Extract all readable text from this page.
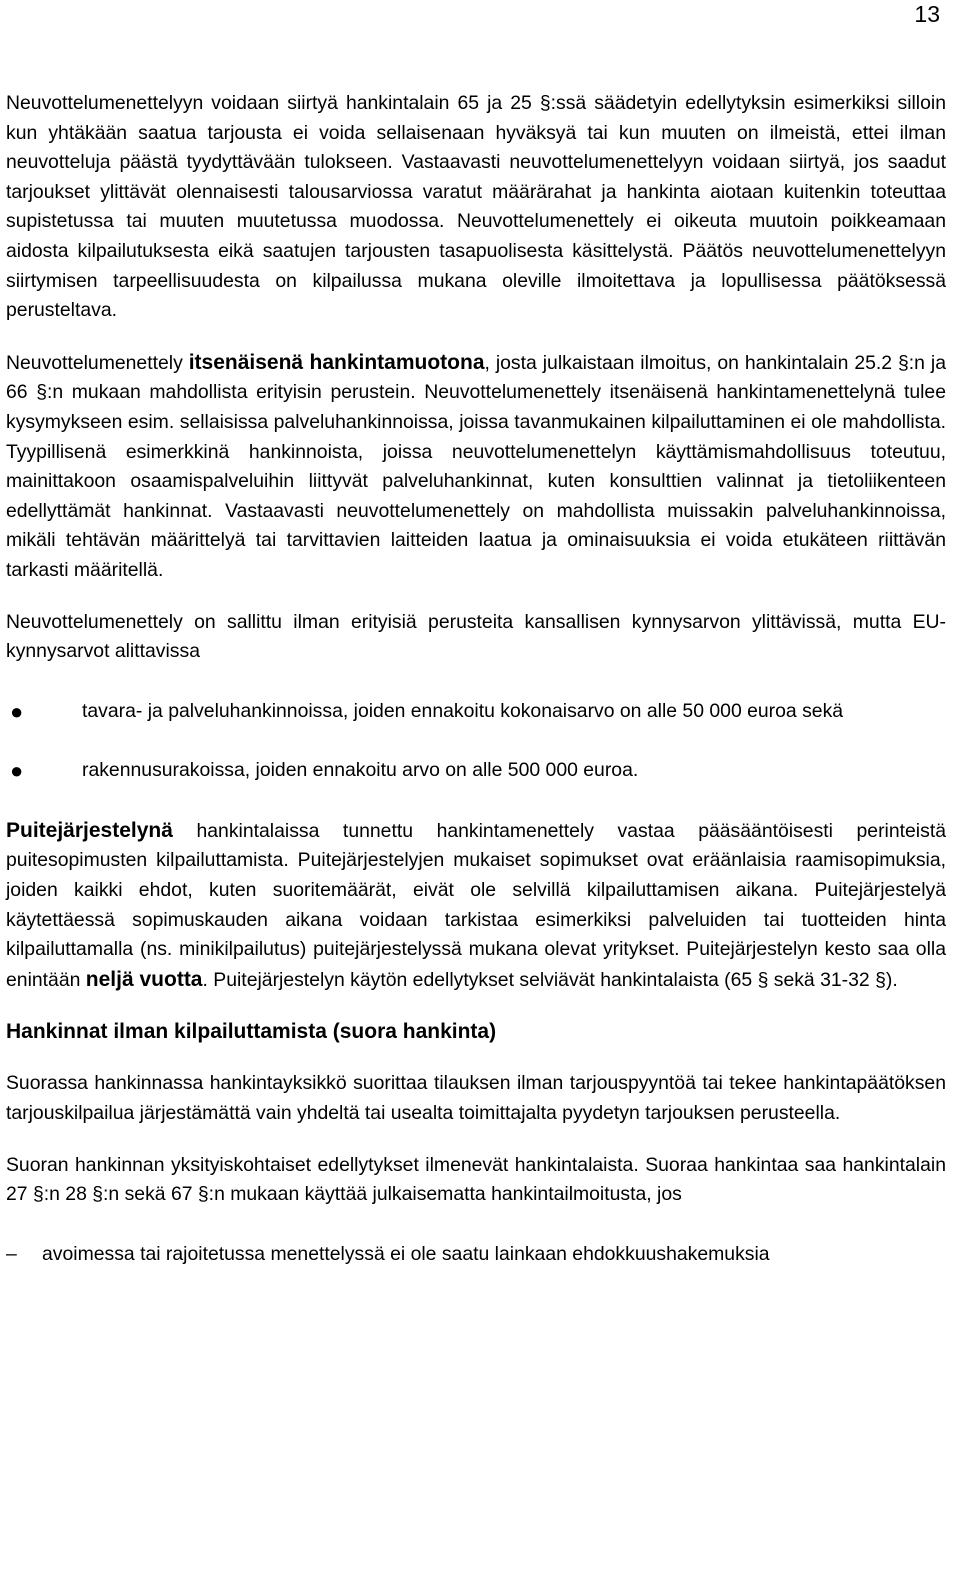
13

Neuvottelumenettelyyn voidaan siirtyä hankintalain 65 ja 25 §:ssä säädetyin edellytyksin esimerkiksi silloin kun yhtäkään saatua tarjousta ei voida sellaisenaan hyväksyä tai kun muuten on ilmeistä, ettei ilman neuvotteluja päästä tyydyttävään tulokseen. Vastaavasti neuvottelumenettelyyn voidaan siirtyä, jos saadut tarjoukset ylittävät olennaisesti talousarviossa varatut määrärahat ja hankinta aiotaan kuitenkin toteuttaa supistetussa tai muuten muutetussa muodossa. Neuvottelumenettely ei oikeuta muutoin poikkeamaan aidosta kilpailutuksesta eikä saatujen tarjousten tasapuolisesta käsittelystä. Päätös neuvottelumenettelyyn siirtymisen tarpeellisuudesta on kilpailussa mukana oleville ilmoitettava ja lopullisessa päätöksessä perusteltava.

Neuvottelumenettely itsenäisenä hankintamuotona, josta julkaistaan ilmoitus, on hankintalain 25.2 §:n ja 66 §:n mukaan mahdollista erityisin perustein. Neuvottelumenettely itsenäisenä hankintamenettelynä tulee kysymykseen esim. sellaisissa palveluhankinnoissa, joissa tavanmukainen kilpailuttaminen ei ole mahdollista. Tyypillisenä esimerkkinä hankinnoista, joissa neuvottelumenettelyn käyttämismahdollisuus toteutuu, mainittakoon osaamispalveluihin liittyvät palveluhankinnat, kuten konsulttien valinnat ja tietoliikenteen edellyttämät hankinnat. Vastaavasti neuvottelumenettely on mahdollista muissakin palveluhankinnoissa, mikäli tehtävän määrittelyä tai tarvittavien laitteiden laatua ja ominaisuuksia ei voida etukäteen riittävän tarkasti määritellä.

Neuvottelumenettely on sallittu ilman erityisiä perusteita kansallisen kynnysarvon ylittävissä, mutta EU-kynnysarvot alittavissa

●	tavara- ja palveluhankinnoissa, joiden ennakoitu kokonaisarvo on alle 50 000 euroa sekä
●	rakennusurakoissa, joiden ennakoitu arvo on alle 500 000 euroa.

Puitejärjestelynä hankintalaissa tunnettu hankintamenettely vastaa pääsääntöisesti perinteistä puitesopimusten kilpailuttamista. Puitejärjestelyjen mukaiset sopimukset ovat eräänlaisia raamisopimuksia, joiden kaikki ehdot, kuten suoritemäärät, eivät ole selvillä kilpailuttamisen aikana. Puitejärjestelyä käytettäessä sopimuskauden aikana voidaan tarkistaa esimerkiksi palveluiden tai tuotteiden hinta kilpailuttamalla (ns. minikilpailutus) puitejärjestelyssä mukana olevat yritykset. Puitejärjestelyn kesto saa olla enintään neljä vuotta. Puitejärjestelyn käytön edellytykset selviävät hankintalaista (65 § sekä 31-32 §).

Hankinnat ilman kilpailuttamista (suora hankinta)

Suorassa hankinnassa hankintayksikkö suorittaa tilauksen ilman tarjouspyyntöä tai tekee hankintapäätöksen tarjouskilpailua järjestämättä vain yhdeltä tai usealta toimittajalta pyydetyn tarjouksen perusteella.

Suoran hankinnan yksityiskohtaiset edellytykset ilmenevät hankintalaista. Suoraa hankintaa saa hankintalain 27 §:n 28 §:n sekä 67 §:n mukaan käyttää julkaisematta hankintailmoitusta, jos

– avoimessa tai rajoitetussa menettelyssä ei ole saatu lainkaan ehdokkuushakemuksia
